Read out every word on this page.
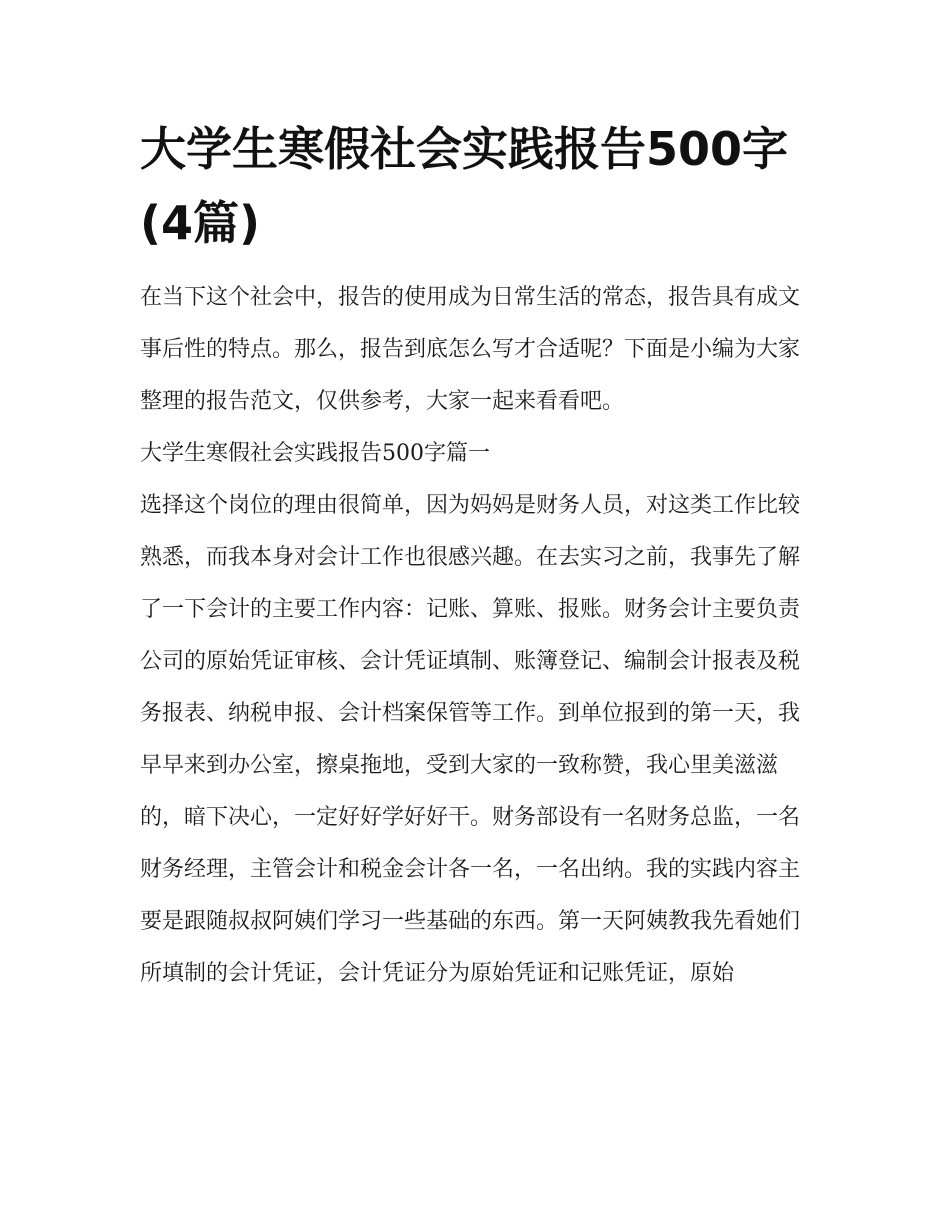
大学生寒假社会实践报告500字(4篇)

在当下这个社会中，报告的使用成为日常生活的常态，报告具有成文事后性的特点。那么，报告到底怎么写才合适呢？下面是小编为大家整理的报告范文，仅供参考，大家一起来看看吧。

大学生寒假社会实践报告500字篇一

选择这个岗位的理由很简单，因为妈妈是财务人员，对这类工作比较熟悉，而我本身对会计工作也很感兴趣。在去实习之前，我事先了解了一下会计的主要工作内容：记账、算账、报账。财务会计主要负责公司的原始凭证审核、会计凭证填制、账簿登记、编制会计报表及税务报表、纳税申报、会计档案保管等工作。到单位报到的第一天，我早早来到办公室，擦桌拖地，受到大家的一致称赞，我心里美滋滋的，暗下决心，一定好好学好好干。财务部设有一名财务总监，一名财务经理，主管会计和税金会计各一名，一名出纳。我的实践内容主要是跟随叔叔阿姨们学习一些基础的东西。第一天阿姨教我先看她们所填制的会计凭证，会计凭证分为原始凭证和记账凭证，原始
